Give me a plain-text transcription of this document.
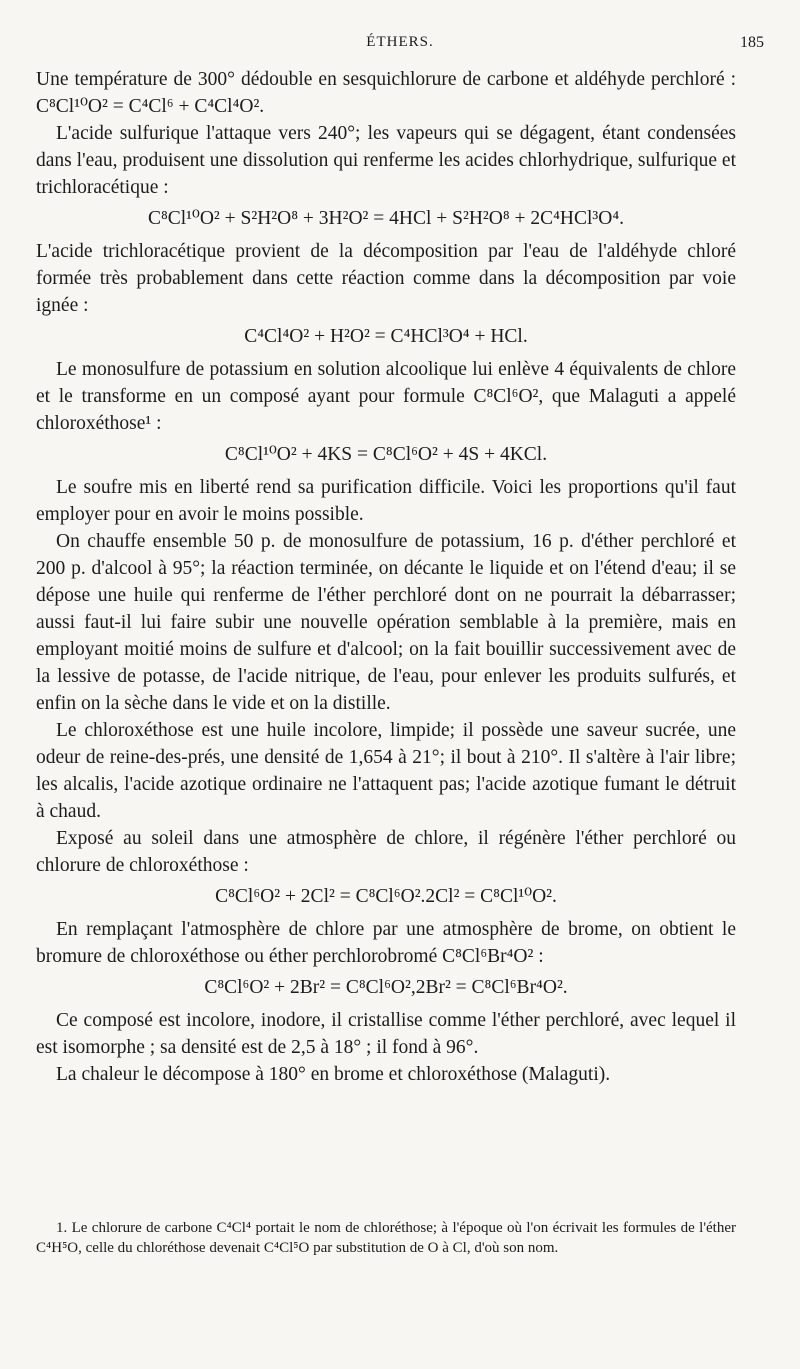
ÉTHERS.	185

Une température de 300° dédouble en sesquichlorure de carbone et aldéhyde perchloré : C⁸Cl¹⁰O² = C⁴Cl⁶ + C⁴Cl⁴O².

L'acide sulfurique l'attaque vers 240°; les vapeurs qui se dégagent, étant condensées dans l'eau, produisent une dissolution qui renferme les acides chlorhydrique, sulfurique et trichloracétique :

C⁸Cl¹⁰O² + S²H²O⁸ + 3H²O² = 4HCl + S²H²O⁸ + 2C⁴HCl³O⁴.

L'acide trichloracétique provient de la décomposition par l'eau de l'aldéhyde chloré formée très probablement dans cette réaction comme dans la décomposition par voie ignée :

C⁴Cl⁴O² + H²O² = C⁴HCl³O⁴ + HCl.

Le monosulfure de potassium en solution alcoolique lui enlève 4 équivalents de chlore et le transforme en un composé ayant pour formule C⁸Cl⁶O², que Malaguti a appelé chloroxéthose¹ :

C⁸Cl¹⁰O² + 4KS = C⁸Cl⁶O² + 4S + 4KCl.

Le soufre mis en liberté rend sa purification difficile. Voici les proportions qu'il faut employer pour en avoir le moins possible.

On chauffe ensemble 50 p. de monosulfure de potassium, 16 p. d'éther perchloré et 200 p. d'alcool à 95°; la réaction terminée, on décante le liquide et on l'étend d'eau; il se dépose une huile qui renferme de l'éther perchloré dont on ne pourrait la débarrasser; aussi faut-il lui faire subir une nouvelle opération semblable à la première, mais en employant moitié moins de sulfure et d'alcool; on la fait bouillir successivement avec de la lessive de potasse, de l'acide nitrique, de l'eau, pour enlever les produits sulfurés, et enfin on la sèche dans le vide et on la distille.

Le chloroxéthose est une huile incolore, limpide; il possède une saveur sucrée, une odeur de reine-des-prés, une densité de 1,654 à 21°; il bout à 210°. Il s'altère à l'air libre; les alcalis, l'acide azotique ordinaire ne l'attaquent pas; l'acide azotique fumant le détruit à chaud.

Exposé au soleil dans une atmosphère de chlore, il régénère l'éther perchloré ou chlorure de chloroxéthose :

C⁸Cl⁶O² + 2Cl² = C⁸Cl⁶O².2Cl² = C⁸Cl¹⁰O².

En remplaçant l'atmosphère de chlore par une atmosphère de brome, on obtient le bromure de chloroxéthose ou éther perchlorobromé C⁸Cl⁶Br⁴O² :

C⁸Cl⁶O² + 2Br² = C⁸Cl⁶O²,2Br² = C⁸Cl⁶Br⁴O².

Ce composé est incolore, inodore, il cristallise comme l'éther perchloré, avec lequel il est isomorphe ; sa densité est de 2,5 à 18° ; il fond à 96°.

La chaleur le décompose à 180° en brome et chloroxéthose (Malaguti).

1. Le chlorure de carbone C⁴Cl⁴ portait le nom de chloréthose; à l'époque où l'on écrivait les formules de l'éther C⁴H⁵O, celle du chloréthose devenait C⁴Cl⁵O par substitution de O à Cl, d'où son nom.
